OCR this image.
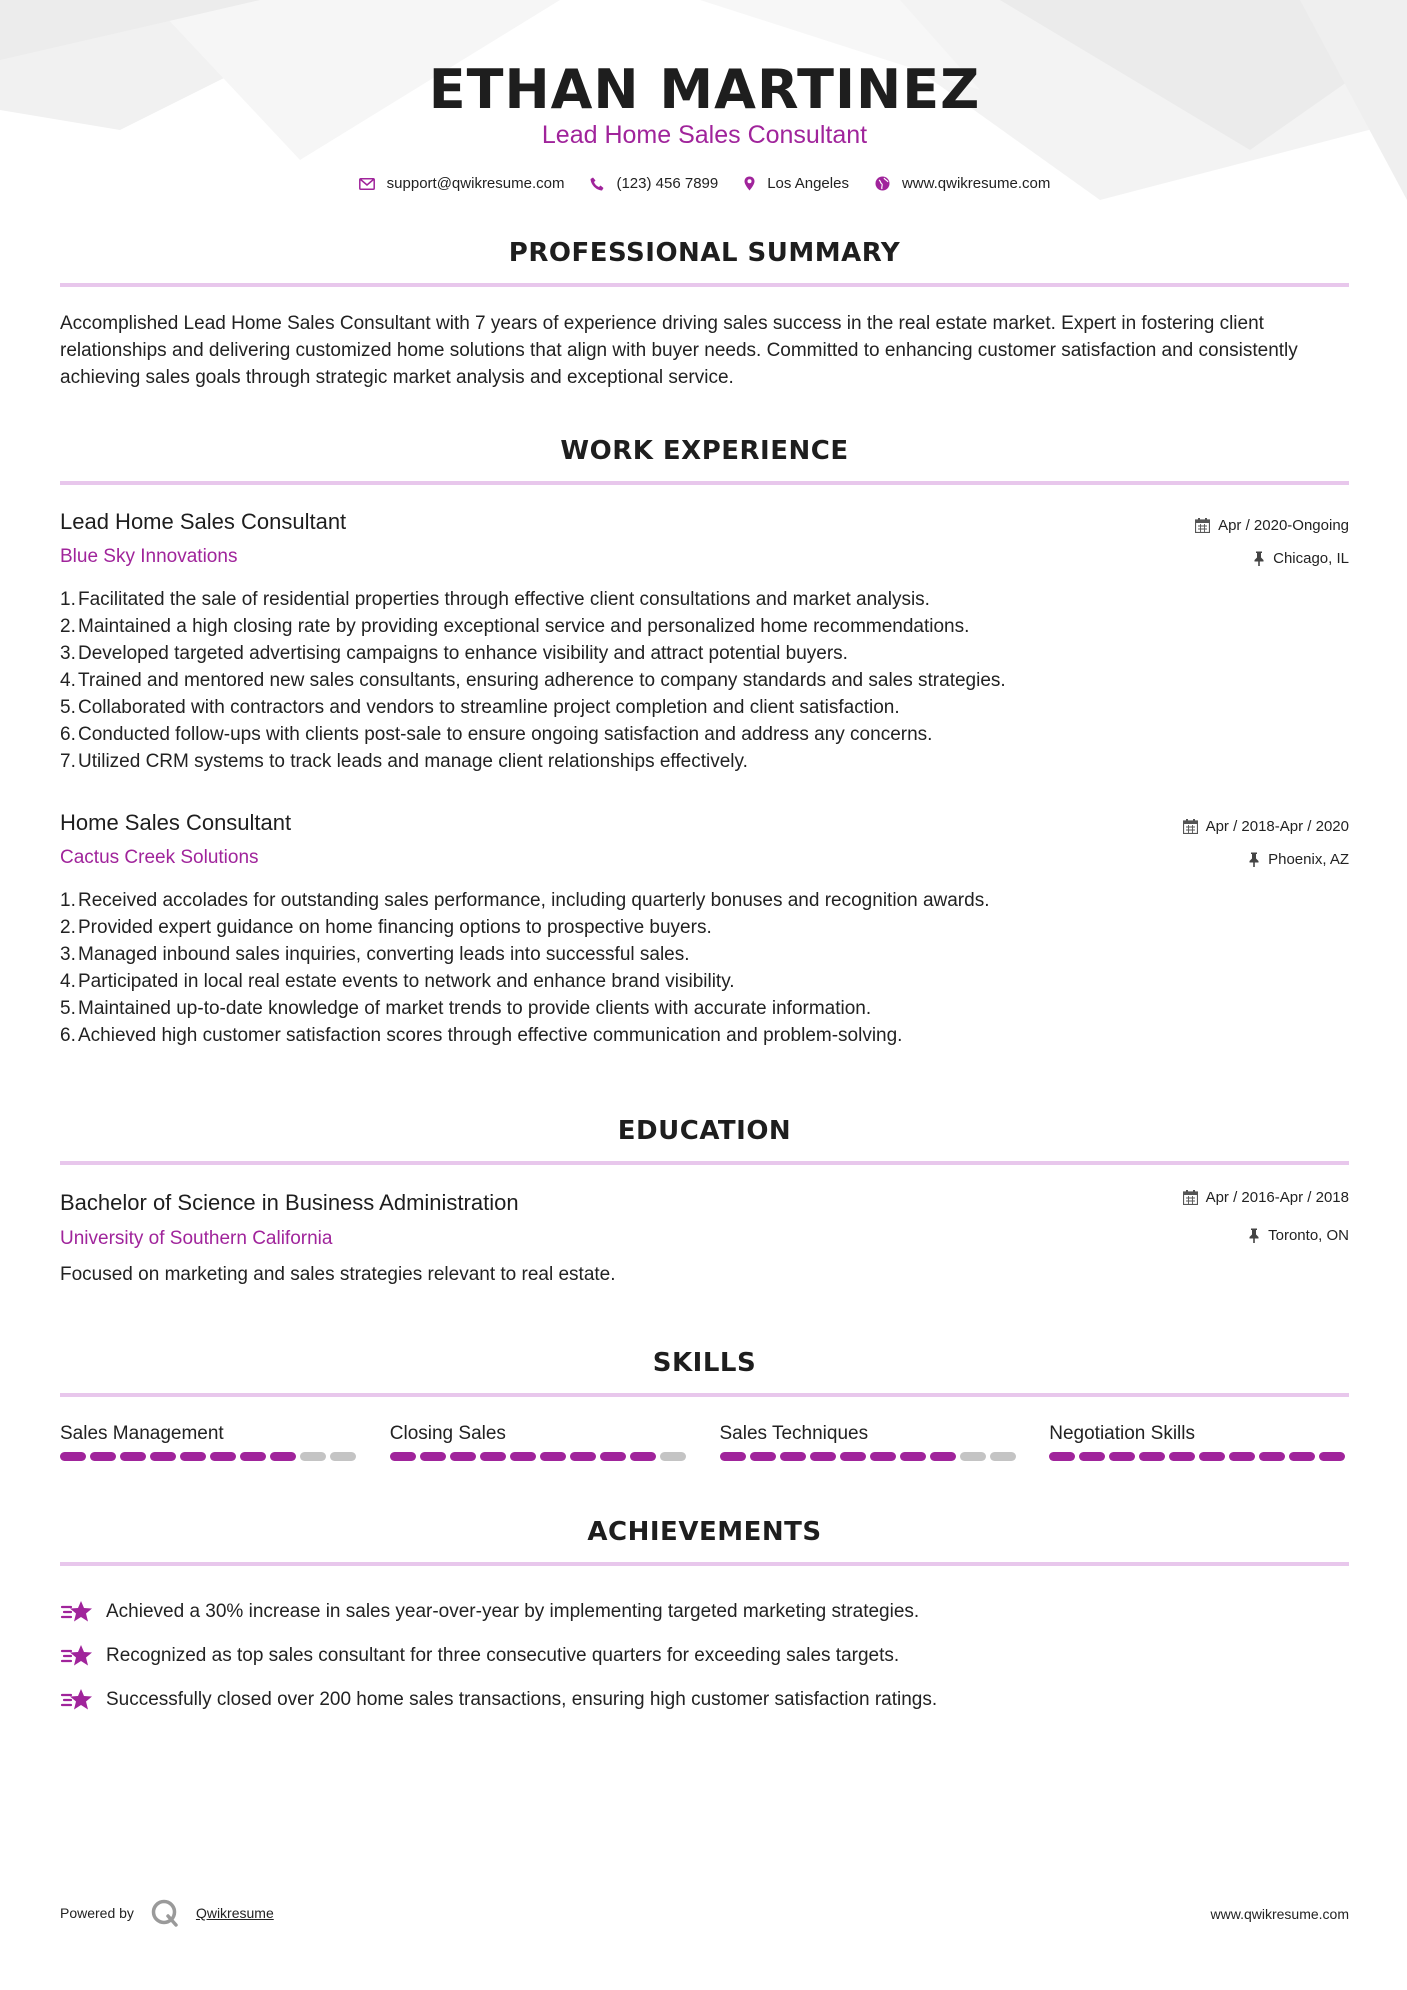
ETHAN MARTINEZ
Lead Home Sales Consultant
support@qwikresume.com	(123) 456 7899	Los Angeles	www.qwikresume.com
PROFESSIONAL SUMMARY
Accomplished Lead Home Sales Consultant with 7 years of experience driving sales success in the real estate market. Expert in fostering client relationships and delivering customized home solutions that align with buyer needs. Committed to enhancing customer satisfaction and consistently achieving sales goals through strategic market analysis and exceptional service.
WORK EXPERIENCE
Lead Home Sales Consultant
Blue Sky Innovations
Apr / 2020-Ongoing
Chicago, IL
1. Facilitated the sale of residential properties through effective client consultations and market analysis.
2. Maintained a high closing rate by providing exceptional service and personalized home recommendations.
3. Developed targeted advertising campaigns to enhance visibility and attract potential buyers.
4. Trained and mentored new sales consultants, ensuring adherence to company standards and sales strategies.
5. Collaborated with contractors and vendors to streamline project completion and client satisfaction.
6. Conducted follow-ups with clients post-sale to ensure ongoing satisfaction and address any concerns.
7. Utilized CRM systems to track leads and manage client relationships effectively.
Home Sales Consultant
Cactus Creek Solutions
Apr / 2018-Apr / 2020
Phoenix, AZ
1. Received accolades for outstanding sales performance, including quarterly bonuses and recognition awards.
2. Provided expert guidance on home financing options to prospective buyers.
3. Managed inbound sales inquiries, converting leads into successful sales.
4. Participated in local real estate events to network and enhance brand visibility.
5. Maintained up-to-date knowledge of market trends to provide clients with accurate information.
6. Achieved high customer satisfaction scores through effective communication and problem-solving.
EDUCATION
Bachelor of Science in Business Administration
University of Southern California
Apr / 2016-Apr / 2018
Toronto, ON
Focused on marketing and sales strategies relevant to real estate.
SKILLS
Sales Management	Closing Sales	Sales Techniques	Negotiation Skills
ACHIEVEMENTS
Achieved a 30% increase in sales year-over-year by implementing targeted marketing strategies.
Recognized as top sales consultant for three consecutive quarters for exceeding sales targets.
Successfully closed over 200 home sales transactions, ensuring high customer satisfaction ratings.
Powered by	Qwikresume	www.qwikresume.com
